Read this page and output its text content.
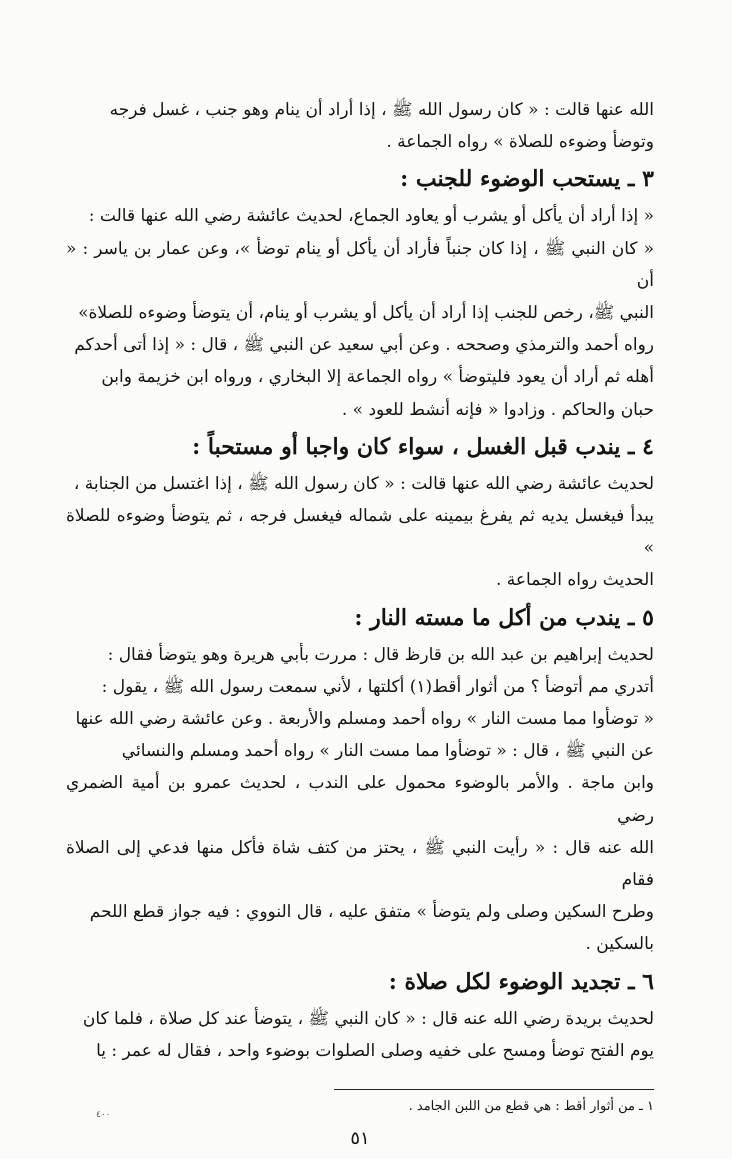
الله عنها قالت : « كان رسول الله ﷺ ، إذا أراد أن ينام وهو جنب ، غسل فرجه

وتوضأ وضوءه للصلاة » رواه الجماعة .

٣ ـ يستحب الوضوء للجنب :

« إذا أراد أن يأكل أو يشرب أو يعاود الجماع، لحديث عائشة رضي الله عنها قالت :

« كان النبي ﷺ ، إذا كان جنباً فأراد أن يأكل أو ينام توضأ »، وعن عمار بن ياسر : « أن

النبي ﷺ، رخص للجنب إذا أراد أن يأكل أو يشرب أو ينام، أن يتوضأ وضوءه للصلاة»

رواه أحمد والترمذي وصححه . وعن أبي سعيد عن النبي ﷺ ، قال : « إذا أتى أحدكم

أهله ثم أراد أن يعود فليتوضأ » رواه الجماعة إلا البخاري ، ورواه ابن خزيمة وابن

حبان والحاكم . وزادوا « فإنه أنشط للعود » .

٤ ـ يندب قبل الغسل ، سواء كان واجبا أو مستحباً :

لحديث عائشة رضي الله عنها قالت : « كان رسول الله ﷺ ، إذا اغتسل من الجنابة ،

يبدأ فيغسل يديه ثم يفرغ بيمينه على شماله فيغسل فرجه ، ثم يتوضأ وضوءه للصلاة »

الحديث رواه الجماعة .

٥ ـ يندب من أكل ما مسته النار :

لحديث إبراهيم بن عبد الله بن قارظ قال : مررت بأبي هريرة وهو يتوضأ فقال :

أتدري مم أتوضأ ؟ من أثوار أقط(١) أكلتها ، لأني سمعت رسول الله ﷺ ، يقول :

« توضأوا مما مست النار » رواه أحمد ومسلم والأربعة . وعن عائشة رضي الله عنها

عن النبي ﷺ ، قال : « توضأوا مما مست النار » رواه أحمد ومسلم والنسائي

وابن ماجة . والأمر بالوضوء محمول على الندب ، لحديث عمرو بن أمية الضمري رضي

الله عنه قال : « رأيت النبي ﷺ ، يحتز من كتف شاة فأكل منها فدعي إلى الصلاة فقام

وطرح السكين وصلى ولم يتوضأ » متفق عليه ، قال النووي : فيه جواز قطع اللحم

بالسكين .

٦ ـ تجديد الوضوء لكل صلاة :

لحديث بريدة رضي الله عنه قال : « كان النبي ﷺ ، يتوضأ عند كل صلاة ، فلما كان

يوم الفتح توضأ ومسح على خفيه وصلى الصلوات بوضوء واحد ، فقال له عمر : يا

١ ـ من أثوار أقط : هي قطع من اللبن الجامد .

٥١
٤٠٠
